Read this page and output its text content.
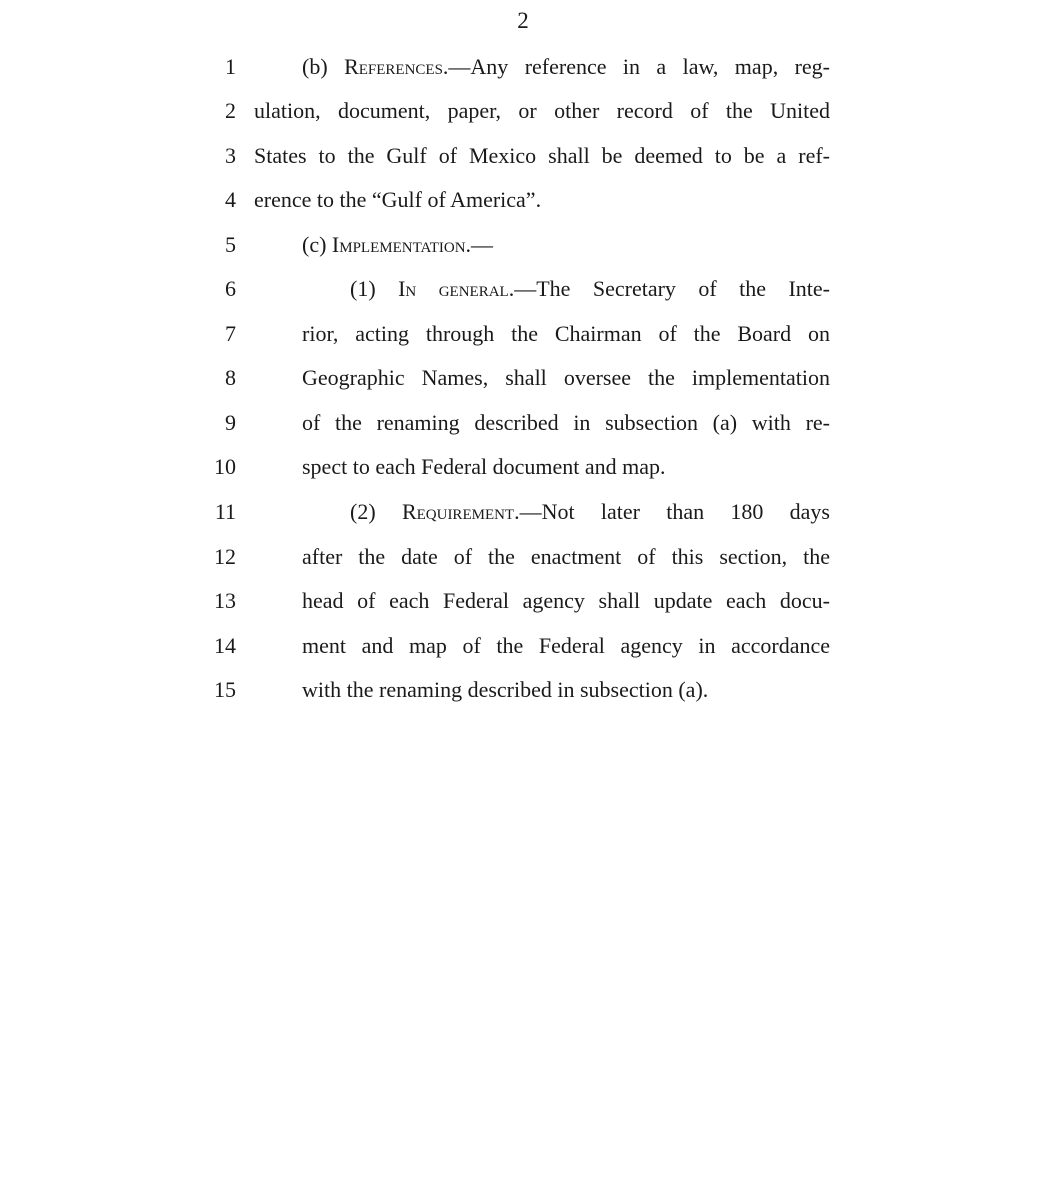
2
1	(b) References.—Any reference in a law, map, reg-
2 ulation, document, paper, or other record of the United
3 States to the Gulf of Mexico shall be deemed to be a ref-
4 erence to the “Gulf of America”.
5	(c) Implementation.—
6	(1) In general.—The Secretary of the Inte-
7	rior, acting through the Chairman of the Board on
8	Geographic Names, shall oversee the implementation
9	of the renaming described in subsection (a) with re-
10	spect to each Federal document and map.
11	(2) Requirement.—Not later than 180 days
12	after the date of the enactment of this section, the
13	head of each Federal agency shall update each docu-
14	ment and map of the Federal agency in accordance
15	with the renaming described in subsection (a).
